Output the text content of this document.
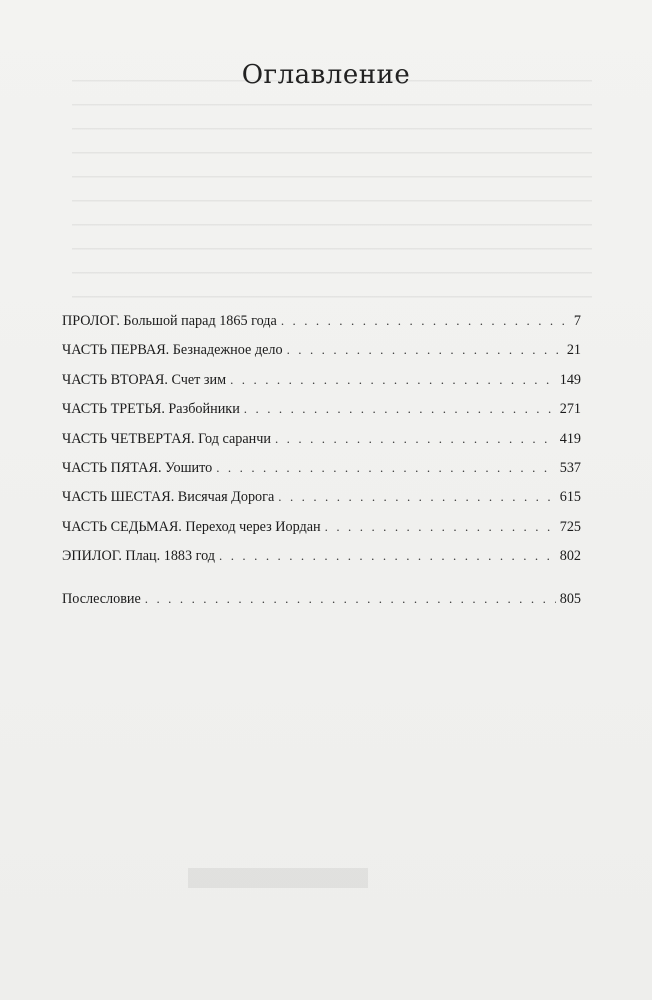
Оглавление
ПРОЛОГ. Большой парад 1865 года . . .	7
ЧАСТЬ ПЕРВАЯ. Безнадежное дело . . .	21
ЧАСТЬ ВТОРАЯ. Счет зим . . .	149
ЧАСТЬ ТРЕТЬЯ. Разбойники . . .	271
ЧАСТЬ ЧЕТВЕРТАЯ. Год саранчи . . .	419
ЧАСТЬ ПЯТАЯ. Уошито . . .	537
ЧАСТЬ ШЕСТАЯ. Висячая Дорога . . .	615
ЧАСТЬ СЕДЬМАЯ. Переход через Иордан . . .	725
ЭПИЛОГ. Плац. 1883 год . . .	802
Послесловие . . .	805
